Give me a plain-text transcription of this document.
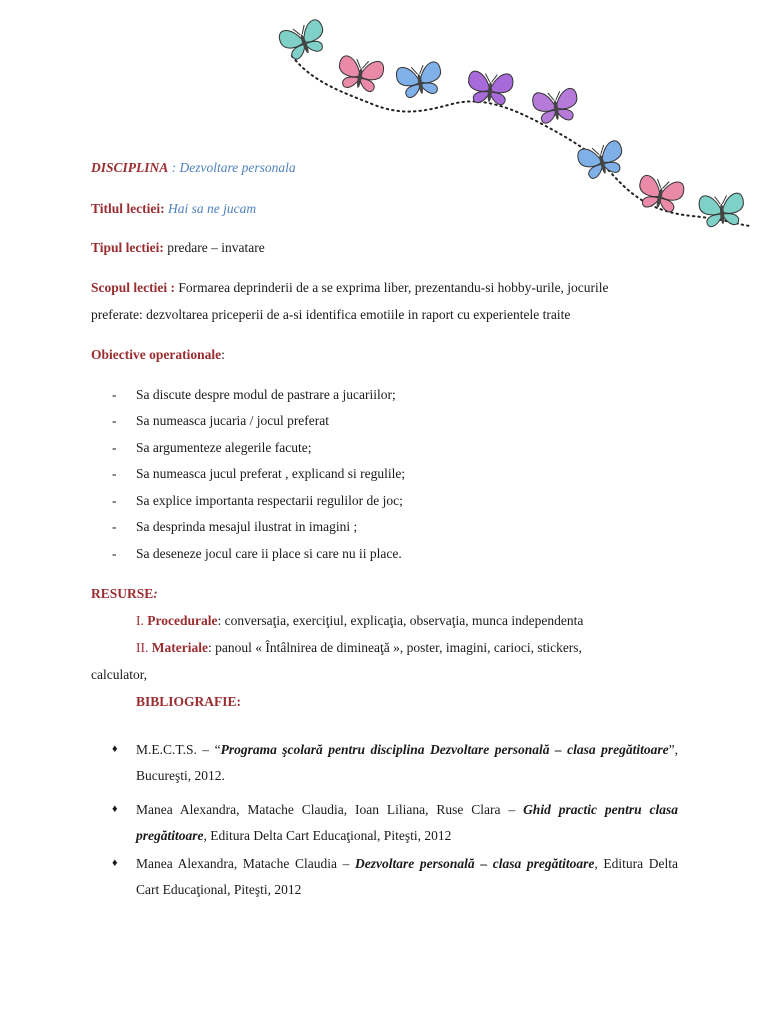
DISCIPLINA : Dezvoltare personala
Titlul lectiei: Hai sa ne jucam
Tipul lectiei: predare – invatare
Scopul lectiei : Formarea deprinderii de a se exprima liber, prezentandu-si hobby-urile, jocurile
preferate: dezvoltarea priceperii de a-si identifica emotiile in raport cu experientele traite
Obiective operationale:
- Sa discute despre modul de pastrare a jucariilor;
- Sa numeasca jucaria / jocul preferat
- Sa argumenteze alegerile facute;
- Sa numeasca jucul preferat , explicand si regulile;
- Sa explice importanta respectarii regulilor de joc;
- Sa desprinda mesajul ilustrat in imagini ;
- Sa deseneze jocul care ii place si care nu ii place.
RESURSE:
I. Procedurale: conversaţia, exerciţiul, explicaţia, observaţia, munca independenta
II. Materiale: panoul « Întâlnirea de dimineaţă », poster, imagini, carioci, stickers,
calculator,
BIBLIOGRAFIE:
♦ M.E.C.T.S. – “Programa şcolară pentru disciplina Dezvoltare personală – clasa pregătitoare”, Bucureşti, 2012.
♦ Manea Alexandra, Matache Claudia, Ioan Liliana, Ruse Clara – Ghid practic pentru clasa pregătitoare, Editura Delta Cart Educaţional, Piteşti, 2012
♦ Manea Alexandra, Matache Claudia – Dezvoltare personală – clasa pregătitoare, Editura Delta Cart Educaţional, Piteşti, 2012
